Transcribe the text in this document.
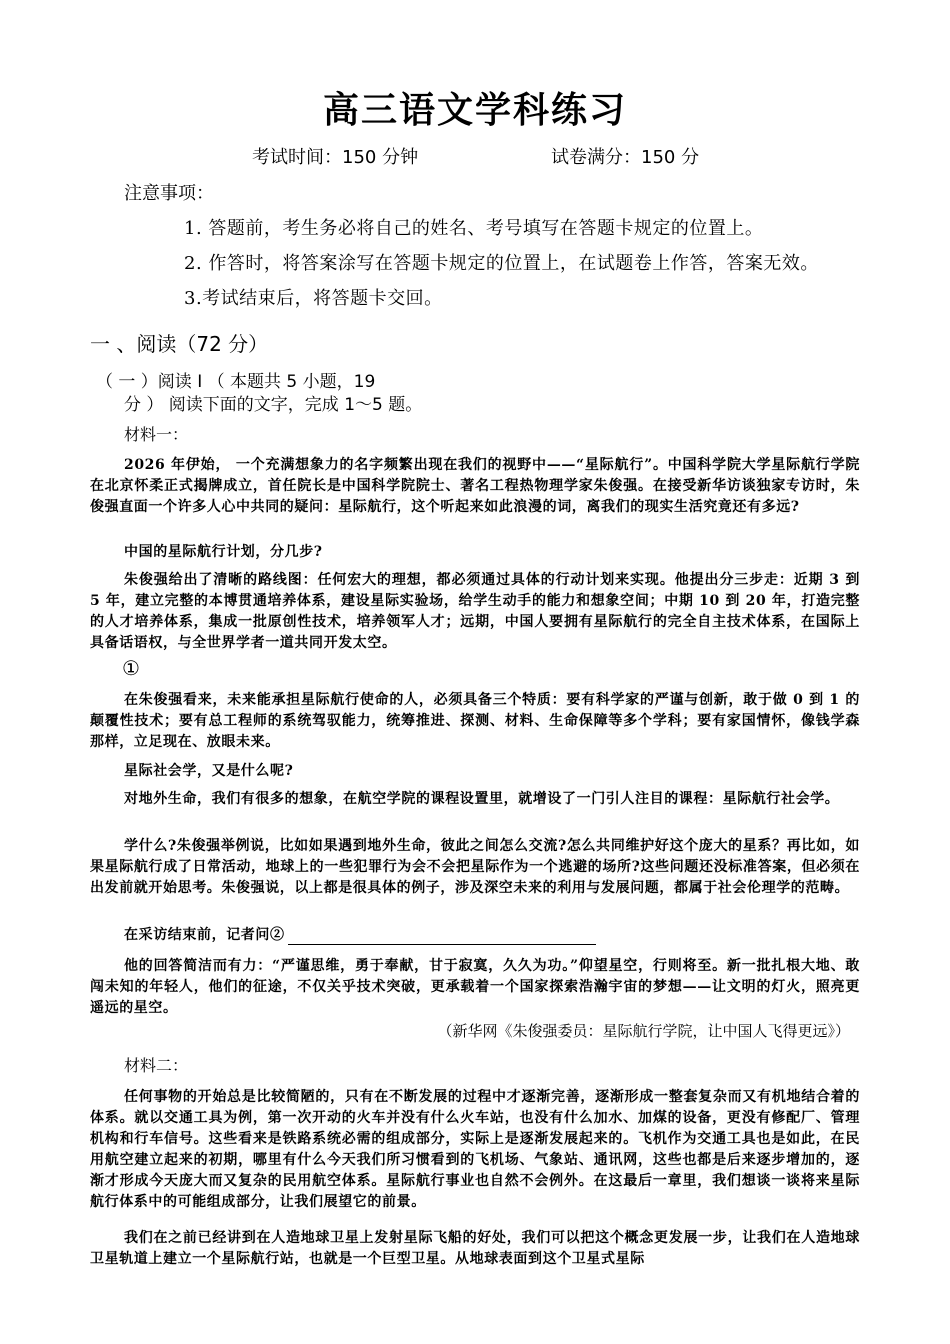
高三语文学科练习
考试时间：150 分钟	试卷满分：150 分
注意事项：
1. 答题前，考生务必将自己的姓名、考号填写在答题卡规定的位置上。
2. 作答时，将答案涂写在答题卡规定的位置上，在试题卷上作答，答案无效。
3.考试结束后，将答题卡交回。
一 、阅读（72 分）
（ 一 ）阅读 I （ 本题共 5 小题，19
分 ） 阅读下面的文字，完成 1～5 题。
材料一：

2026 年伊始， 一个充满想象力的名字频繁出现在我们的视野中——“星际航行”。中国科学院大学星际航行学院在北京怀柔正式揭牌成立，首任院长是中国科学院院士、著名工程热物理学家朱俊强。在接受新华访谈独家专访时，朱俊强直面一个许多人心中共同的疑问：星际航行，这个听起来如此浪漫的词，离我们的现实生活究竟还有多远?

中国的星际航行计划，分几步?

朱俊强给出了清晰的路线图：任何宏大的理想，都必须通过具体的行动计划来实现。他提出分三步走：近期 3 到 5 年，建立完整的本博贯通培养体系，建设星际实验场，给学生动手的能力和想象空间；中期 10 到 20 年，打造完整的人才培养体系，集成一批原创性技术，培养领军人才；远期，中国人要拥有星际航行的完全自主技术体系，在国际上具备话语权，与全世界学者一道共同开发太空。

①

在朱俊强看来，未来能承担星际航行使命的人，必须具备三个特质：要有科学家的严谨与创新，敢于做 0 到 1 的颠覆性技术；要有总工程师的系统驾驭能力，统筹推进、探测、材料、生命保障等多个学科；要有家国情怀，像钱学森那样，立足现在、放眼未来。

星际社会学，又是什么呢?

对地外生命，我们有很多的想象，在航空学院的课程设置里，就增设了一门引人注目的课程：星际航行社会学。

学什么?朱俊强举例说，比如如果遇到地外生命，彼此之间怎么交流?怎么共同维护好这个庞大的星系？再比如，如果星际航行成了日常活动，地球上的一些犯罪行为会不会把星际作为一个逃避的场所?这些问题还没标准答案，但必须在出发前就开始思考。朱俊强说，以上都是很具体的例子，涉及深空未来的利用与发展问题，都属于社会伦理学的范畴。

在采访结束前，记者问②

他的回答简洁而有力：“严谨思维，勇于奉献，甘于寂寞，久久为功。”仰望星空，行则将至。新一批扎根大地、敢闯未知的年轻人，他们的征途，不仅关乎技术突破，更承载着一个国家探索浩瀚宇宙的梦想——让文明的灯火，照亮更遥远的星空。

（新华网《朱俊强委员：星际航行学院，让中国人飞得更远》）
材料二：

任何事物的开始总是比较简陋的，只有在不断发展的过程中才逐渐完善，逐渐形成一整套复杂而又有机地结合着的体系。就以交通工具为例，第一次开动的火车并没有什么火车站，也没有什么加水、加煤的设备，更没有修配厂、管理机构和行车信号。这些看来是铁路系统必需的组成部分，实际上是逐渐发展起来的。飞机作为交通工具也是如此，在民用航空建立起来的初期，哪里有什么今天我们所习惯看到的飞机场、气象站、通讯网，这些也都是后来逐步增加的，逐渐才形成今天庞大而又复杂的民用航空体系。星际航行事业也自然不会例外。在这最后一章里，我们想谈一谈将来星际航行体系中的可能组成部分，让我们展望它的前景。

我们在之前已经讲到在人造地球卫星上发射星际飞船的好处，我们可以把这个概念更发展一步，让我们在人造地球卫星轨道上建立一个星际航行站，也就是一个巨型卫星。从地球表面到这个卫星式星际
